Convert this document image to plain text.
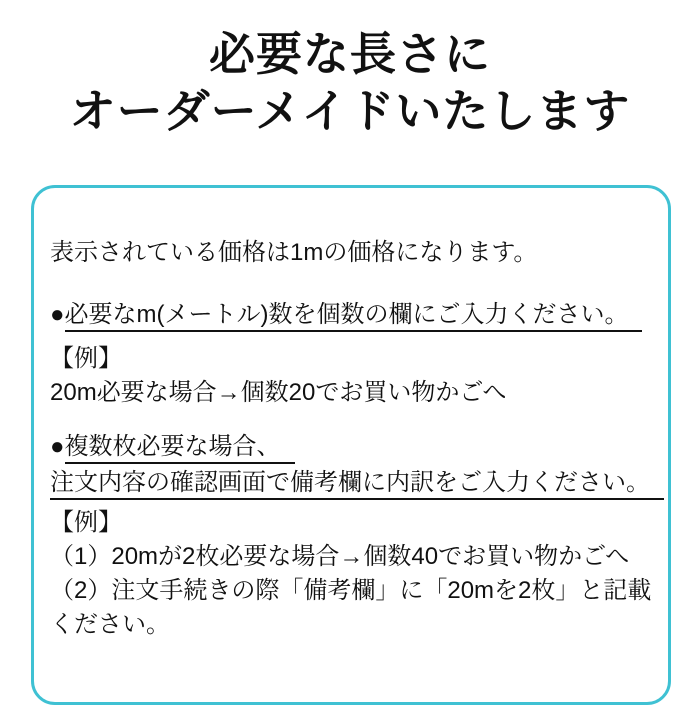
必要な長さに
オーダーメイドいたします

表示されている価格は1mの価格になります。

●必要なm(メートル)数を個数の欄にご入力ください。

【例】

20m必要な場合→個数20でお買い物かごへ

●複数枚必要な場合、

注文内容の確認画面で備考欄に内訳をご入力ください。

【例】

（1）20mが2枚必要な場合→個数40でお買い物かごへ

（2）注文手続きの際「備考欄」に「20mを2枚」と記載

ください。
